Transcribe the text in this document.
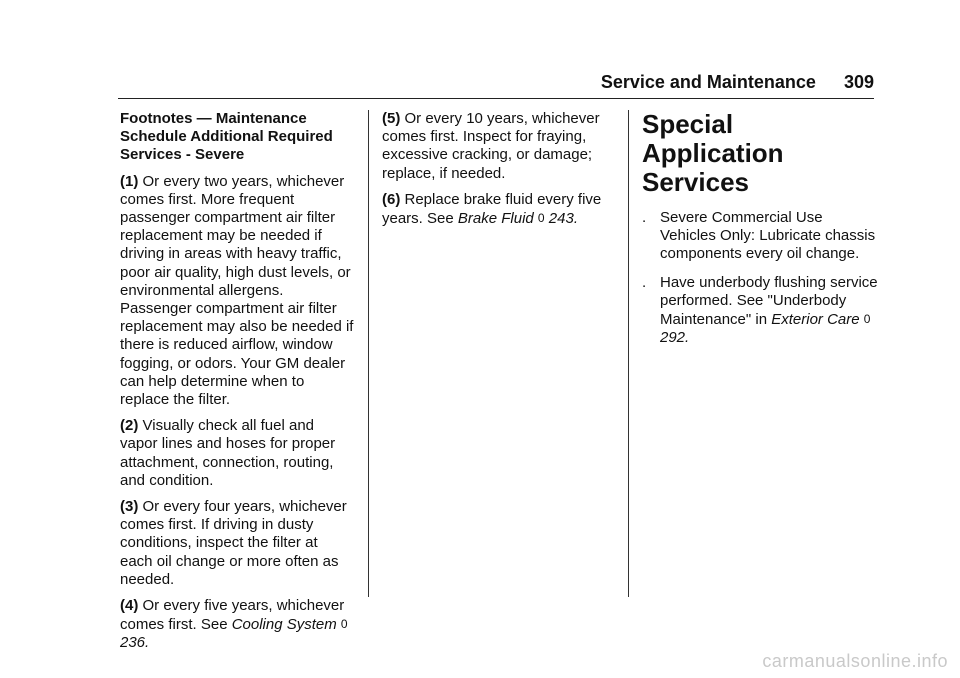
Service and Maintenance 309

Footnotes — Maintenance Schedule Additional Required Services - Severe

(1) Or every two years, whichever comes first. More frequent passenger compartment air filter replacement may be needed if driving in areas with heavy traffic, poor air quality, high dust levels, or environmental allergens. Passenger compartment air filter replacement may also be needed if there is reduced airflow, window fogging, or odors. Your GM dealer can help determine when to replace the filter.

(2) Visually check all fuel and vapor lines and hoses for proper attachment, connection, routing, and condition.

(3) Or every four years, whichever comes first. If driving in dusty conditions, inspect the filter at each oil change or more often as needed.

(4) Or every five years, whichever comes first. See Cooling System 0 236.

(5) Or every 10 years, whichever comes first. Inspect for fraying, excessive cracking, or damage; replace, if needed.

(6) Replace brake fluid every five years. See Brake Fluid 0 243.

Special Application Services

. Severe Commercial Use Vehicles Only: Lubricate chassis components every oil change.
. Have underbody flushing service performed. See "Underbody Maintenance" in Exterior Care 0 292.
carmanualsonline.info
